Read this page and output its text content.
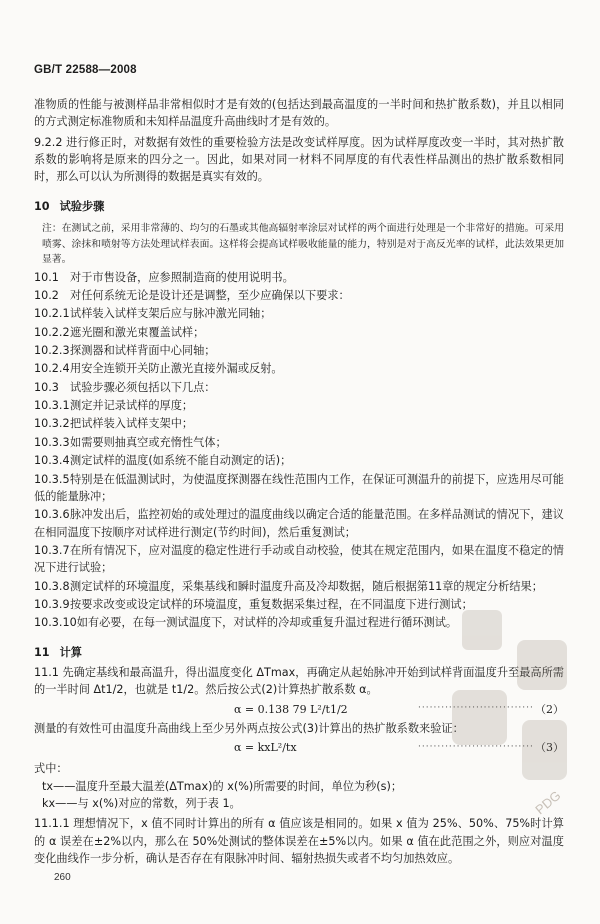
GB/T 22588—2008

准物质的性能与被测样品非常相似时才是有效的(包括达到最高温度的一半时间和热扩散系数)，并且以相同的方式测定标准物质和未知样品温度升高曲线时才是有效的。

9.2.2 进行修正时，对数据有效性的重要检验方法是改变试样厚度。因为试样厚度改变一半时，其对热扩散系数的影响将是原来的四分之一。因此，如果对同一材料不同厚度的有代表性样品测出的热扩散系数相同时，那么可以认为所测得的数据是真实有效的。

10 试验步骤

注：在测试之前，采用非常薄的、均匀的石墨或其他高辐射率涂层对试样的两个面进行处理是一个非常好的措施。可采用喷雾、涂抹和喷射等方法处理试样表面。这样将会提高试样吸收能量的能力，特别是对于高反光率的试样，此法效果更加显著。

10.1 对于市售设备，应参照制造商的使用说明书。

10.2 对任何系统无论是设计还是调整，至少应确保以下要求：

10.2.1试样装入试样支架后应与脉冲激光同轴；

10.2.2遮光圈和激光束覆盖试样；

10.2.3探测器和试样背面中心同轴；

10.2.4用安全连锁开关防止激光直接外漏或反射。

10.3 试验步骤必须包括以下几点：

10.3.1测定并记录试样的厚度；

10.3.2把试样装入试样支架中；

10.3.3如需要则抽真空或充惰性气体；

10.3.4测定试样的温度(如系统不能自动测定的话)；

10.3.5特别是在低温测试时，为使温度探测器在线性范围内工作，在保证可测温升的前提下，应选用尽可能低的能量脉冲；

10.3.6脉冲发出后，监控初始的或处理过的温度曲线以确定合适的能量范围。在多样品测试的情况下，建议在相同温度下按顺序对试样进行测定(节约时间)，然后重复测试；

10.3.7在所有情况下，应对温度的稳定性进行手动或自动校验，使其在规定范围内，如果在温度不稳定的情况下进行试验；

10.3.8测定试样的环境温度，采集基线和瞬时温度升高及冷却数据，随后根据第11章的规定分析结果；

10.3.9按要求改变或设定试样的环境温度，重复数据采集过程，在不同温度下进行测试；

10.3.10如有必要，在每一测试温度下，对试样的冷却或重复升温过程进行循环测试。

11 计算

11.1 先确定基线和最高温升，得出温度变化 ΔTmax，再确定从起始脉冲开始到试样背面温度升至最高所需的一半时间 Δt1/2，也就是 t1/2。然后按公式(2)计算热扩散系数 α。

α = 0.138 79 L²/t1/2	······························ （2）

测量的有效性可由温度升高曲线上至少另外两点按公式(3)计算出的热扩散系数来验证：

α = kxL²/tx	······························ （3）

式中：

tx——温度升至最大温差(ΔTmax)的 x(%)所需要的时间，单位为秒(s)；

kx——与 x(%)对应的常数，列于表 1。

11.1.1 理想情况下，x 值不同时计算出的所有 α 值应该是相同的。如果 x 值为 25%、50%、75%时计算的 α 误差在±2%以内，那么在 50%处测试的整体误差在±5%以内。如果 α 值在此范围之外，则应对温度变化曲线作一步分析，确认是否存在有限脉冲时间、辐射热损失或者不均匀加热效应。

260
PDG
